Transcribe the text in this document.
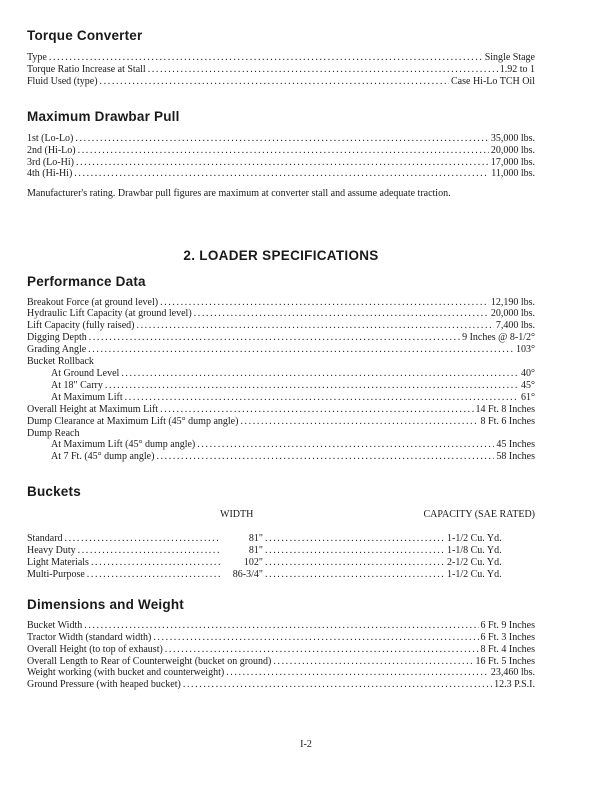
Torque Converter
Type .....	Single Stage
Torque Ratio Increase at Stall .....	1.92 to 1
Fluid Used (type) .....	Case Hi-Lo TCH Oil
Maximum Drawbar Pull
1st (Lo-Lo) .....	35,000 lbs.
2nd (Hi-Lo) .....	20,000 lbs.
3rd (Lo-Hi) .....	17,000 lbs.
4th (Hi-Hi) .....	11,000 lbs.

Manufacturer's rating. Drawbar pull figures are maximum at converter stall and assume adequate traction.

2. LOADER SPECIFICATIONS
Performance Data
Breakout Force (at ground level) .....	12,190 lbs.
Hydraulic Lift Capacity (at ground level) .....	20,000 lbs.
Lift Capacity (fully raised) .....	7,400 lbs.
Digging Depth .....	9 Inches @ 8-1/2°
Grading Angle .....	103°
Bucket Rollback
At Ground Level .....	40°
At 18" Carry .....	45°
At Maximum Lift .....	61°
Overall Height at Maximum Lift .....	14 Ft. 8 Inches
Dump Clearance at Maximum Lift (45° dump angle) .....	8 Ft. 6 Inches
Dump Reach
At Maximum Lift (45° dump angle) .....	45 Inches
At 7 Ft. (45° dump angle) .....	58 Inches
Buckets
WIDTH	CAPACITY (SAE RATED)
Standard .....	81" .....	1-1/2 Cu. Yd.
Heavy Duty .....	81" .....	1-1/8 Cu. Yd.
Light Materials .....	102" .....	2-1/2 Cu. Yd.
Multi-Purpose .....	86-3/4" .....	1-1/2 Cu. Yd.
Dimensions and Weight
Bucket Width .....	6 Ft. 9 Inches
Tractor Width (standard width) .....	6 Ft. 3 Inches
Overall Height (to top of exhaust) .....	8 Ft. 4 Inches
Overall Length to Rear of Counterweight (bucket on ground) .....	16 Ft. 5 Inches
Weight working (with bucket and counterweight) .....	23,460 lbs.
Ground Pressure (with heaped bucket) .....	12.3 P.S.I.
I-2
